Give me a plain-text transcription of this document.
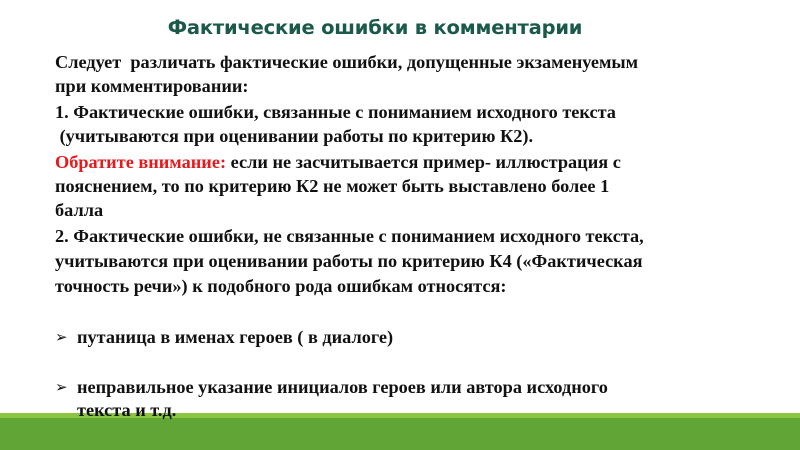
Фактические ошибки в комментарии
Следует  различать фактические ошибки, допущенные экзаменуемым
при комментировании:
1. Фактические ошибки, связанные с пониманием исходного текста
(учитываются при оценивании работы по критерию К2).
Обратите внимание: если не засчитывается пример- иллюстрация с
пояснением, то по критерию К2 не может быть выставлено более 1
балла
2. Фактические ошибки, не связанные с пониманием исходного текста,
учитываются при оценивании работы по критерию К4 («Фактическая
точность речи») к подобного рода ошибкам относятся:
➢ путаница в именах героев ( в диалоге)
➢ неправильное указание инициалов героев или автора исходного
текста и т.д.
